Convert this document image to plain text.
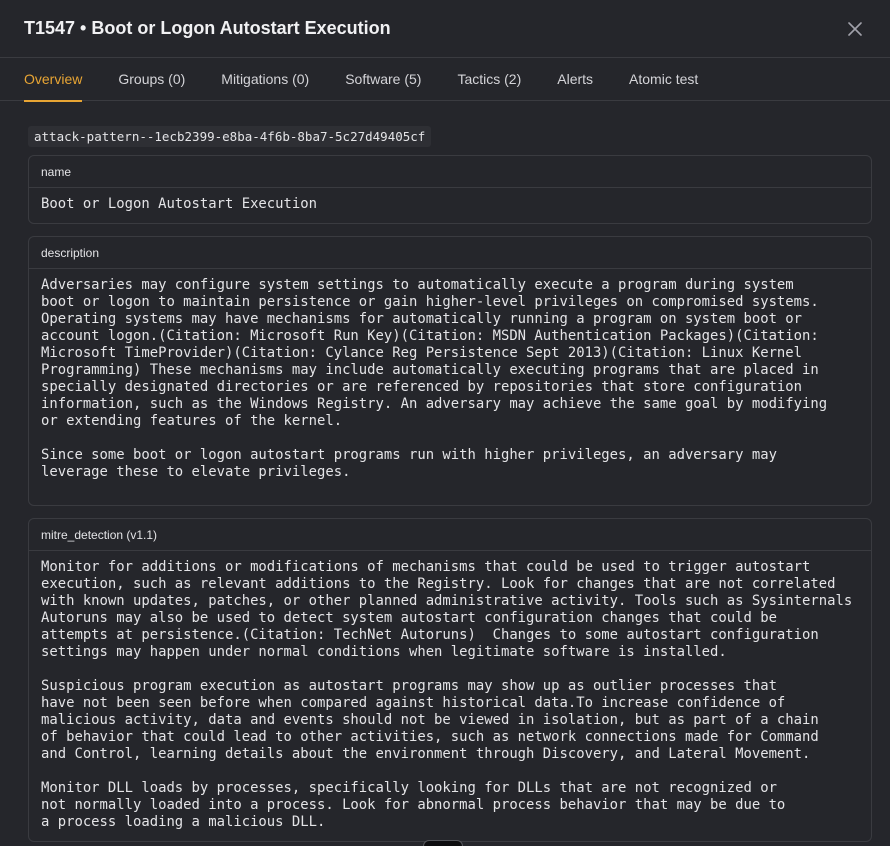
T1547 • Boot or Logon Autostart Execution
Overview	Groups (0)	Mitigations (0)	Software (5)	Tactics (2)	Alerts	Atomic test
attack-pattern--1ecb2399-e8ba-4f6b-8ba7-5c27d49405cf
name
Boot or Logon Autostart Execution
description
Adversaries may configure system settings to automatically execute a program during system
boot or logon to maintain persistence or gain higher-level privileges on compromised systems.
Operating systems may have mechanisms for automatically running a program on system boot or
account logon.(Citation: Microsoft Run Key)(Citation: MSDN Authentication Packages)(Citation:
Microsoft TimeProvider)(Citation: Cylance Reg Persistence Sept 2013)(Citation: Linux Kernel
Programming) These mechanisms may include automatically executing programs that are placed in
specially designated directories or are referenced by repositories that store configuration
information, such as the Windows Registry. An adversary may achieve the same goal by modifying
or extending features of the kernel.

Since some boot or logon autostart programs run with higher privileges, an adversary may
leverage these to elevate privileges.
mitre_detection (v1.1)
Monitor for additions or modifications of mechanisms that could be used to trigger autostart
execution, such as relevant additions to the Registry. Look for changes that are not correlated
with known updates, patches, or other planned administrative activity. Tools such as Sysinternals
Autoruns may also be used to detect system autostart configuration changes that could be
attempts at persistence.(Citation: TechNet Autoruns)  Changes to some autostart configuration
settings may happen under normal conditions when legitimate software is installed.

Suspicious program execution as autostart programs may show up as outlier processes that
have not been seen before when compared against historical data.To increase confidence of
malicious activity, data and events should not be viewed in isolation, but as part of a chain
of behavior that could lead to other activities, such as network connections made for Command
and Control, learning details about the environment through Discovery, and Lateral Movement.

Monitor DLL loads by processes, specifically looking for DLLs that are not recognized or
not normally loaded into a process. Look for abnormal process behavior that may be due to
a process loading a malicious DLL.
